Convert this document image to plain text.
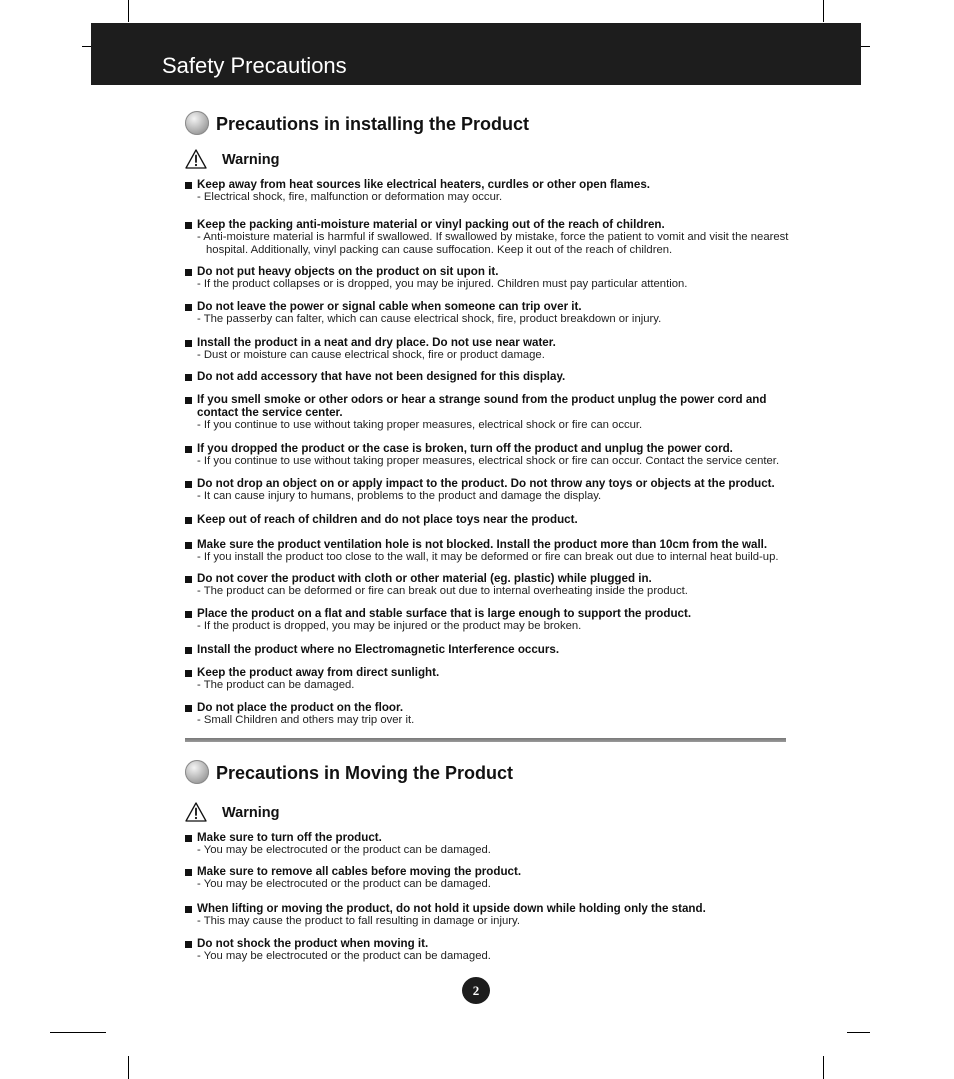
Safety Precautions
Precautions in installing the Product
Warning
Keep away from heat sources like electrical heaters, curdles or other open flames.
- Electrical shock, fire, malfunction or deformation may occur.
Keep the packing anti-moisture material or vinyl packing out of the reach of children.
- Anti-moisture material is harmful if swallowed. If swallowed by mistake, force the patient to vomit and visit the nearest hospital. Additionally, vinyl packing can cause suffocation. Keep it out of the reach of children.
Do not put heavy objects on the product on sit upon it.
- If the product collapses or is dropped, you may be injured. Children must pay particular attention.
Do not leave the power or signal cable when someone can trip over it.
- The passerby can falter, which can cause electrical shock, fire, product breakdown or injury.
Install the product in a neat and dry place. Do not use near water.
- Dust or moisture can cause electrical shock, fire or product damage.
Do not add accessory that have not been designed for this display.
If you smell smoke or other odors or hear a strange sound from the product unplug the power cord and contact the service center.
- If you continue to use without taking proper measures, electrical shock or fire can occur.
If you dropped the product or the case is broken, turn off the product and unplug the power cord.
- If you continue to use without taking proper measures, electrical shock or fire can occur. Contact the service center.
Do not drop an object on or apply impact to the product. Do not throw any toys or objects at the product.
- It can cause injury to humans, problems to the product and damage the display.
Keep out of reach of children and do not place toys near the product.
Make sure the product ventilation hole is not blocked. Install the product more than 10cm from the wall.
- If you install the product too close to the wall, it may be deformed or fire can break out due to internal heat build-up.
Do not cover the product with cloth or other material (eg. plastic) while plugged in.
- The product can be deformed or fire can break out due to internal overheating inside the product.
Place the product on a flat and stable surface that is large enough to support the product.
- If the product is dropped, you may be injured or the product may be broken.
Install the product where no Electromagnetic Interference occurs.
Keep the product away from direct sunlight.
- The product can be damaged.
Do not place the product on the floor.
- Small Children and others may trip over it.
Precautions in Moving the Product
Warning
Make sure to turn off the product.
- You may be electrocuted or the product can be damaged.
Make sure to remove all cables before moving the product.
- You may be electrocuted or the product can be damaged.
When lifting or moving the product, do not hold it upside down while holding only the stand.
- This may cause the product to fall resulting in damage or injury.
Do not shock the product when moving it.
- You may be electrocuted or the product can be damaged.
2
